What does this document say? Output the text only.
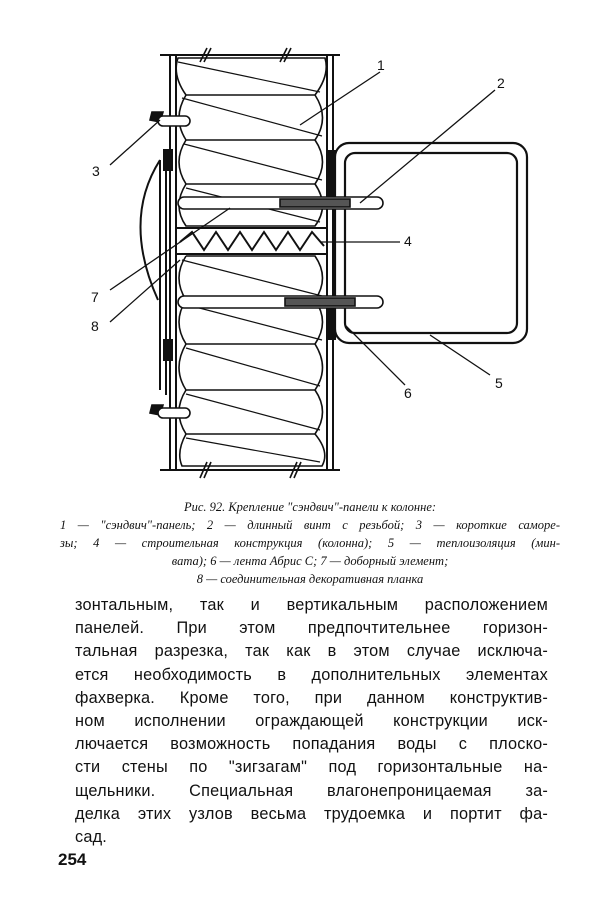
1
2
3
4
7
8
6
5
Рис. 92. Крепление "сэндвич"-панели к колонне:
1 — "сэндвич"-панель; 2 — длинный винт с резьбой; 3 — короткие саморе-
зы; 4 — строительная конструкция (колонна); 5 — теплоизоляция (мин-
вата); 6 — лента Абрис С; 7 — доборный элемент;
8 — соединительная декоративная планка
зонтальным, так и вертикальным расположением
панелей. При этом предпочтительнее горизон-
тальная разрезка, так как в этом случае исключа-
ется необходимость в дополнительных элементах
фахверка. Кроме того, при данном конструктив-
ном исполнении ограждающей конструкции иск-
лючается возможность попадания воды с плоско-
сти стены по "зигзагам" под горизонтальные на-
щельники. Специальная влагонепроницаемая за-
делка этих узлов весьма трудоемка и портит фа-
сад.
254
